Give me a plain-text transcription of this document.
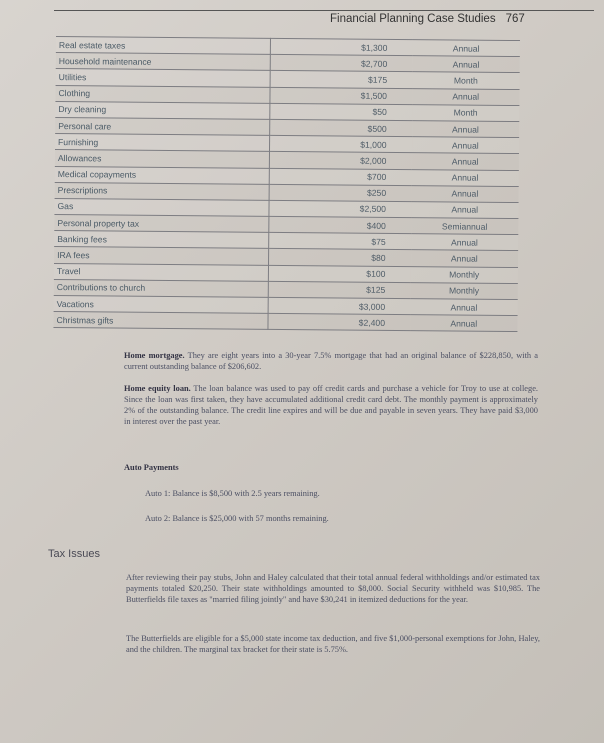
Financial Planning Case Studies 767
Real estate taxes	$1,300	Annual
Household maintenance	$2,700	Annual
Utilities	$175	Month
Clothing	$1,500	Annual
Dry cleaning	$50	Month
Personal care	$500	Annual
Furnishing	$1,000	Annual
Allowances	$2,000	Annual
Medical copayments	$700	Annual
Prescriptions	$250	Annual
Gas	$2,500	Annual
Personal property tax	$400	Semiannual
Banking fees	$75	Annual
IRA fees	$80	Annual
Travel	$100	Monthly
Contributions to church	$125	Monthly
Vacations	$3,000	Annual
Christmas gifts	$2,400	Annual

Home mortgage. They are eight years into a 30-year 7.5% mortgage that had an original balance of $228,850, with a current outstanding balance of $206,602.

Home equity loan. The loan balance was used to pay off credit cards and purchase a vehicle for Troy to use at college. Since the loan was first taken, they have accumulated additional credit card debt. The monthly payment is approximately 2% of the outstanding balance. The credit line expires and will be due and payable in seven years. They have paid $3,000 in interest over the past year.

Auto Payments

Auto 1: Balance is $8,500 with 2.5 years remaining.

Auto 2: Balance is $25,000 with 57 months remaining.

Tax Issues

After reviewing their pay stubs, John and Haley calculated that their total annual federal withholdings and/or estimated tax payments totaled $20,250. Their state withholdings amounted to $8,000. Social Security withheld was $10,985. The Butterfields file taxes as "married filing jointly" and have $30,241 in itemized deductions for the year.

The Butterfields are eligible for a $5,000 state income tax deduction, and five $1,000-personal exemptions for John, Haley, and the children. The marginal tax bracket for their state is 5.75%.
